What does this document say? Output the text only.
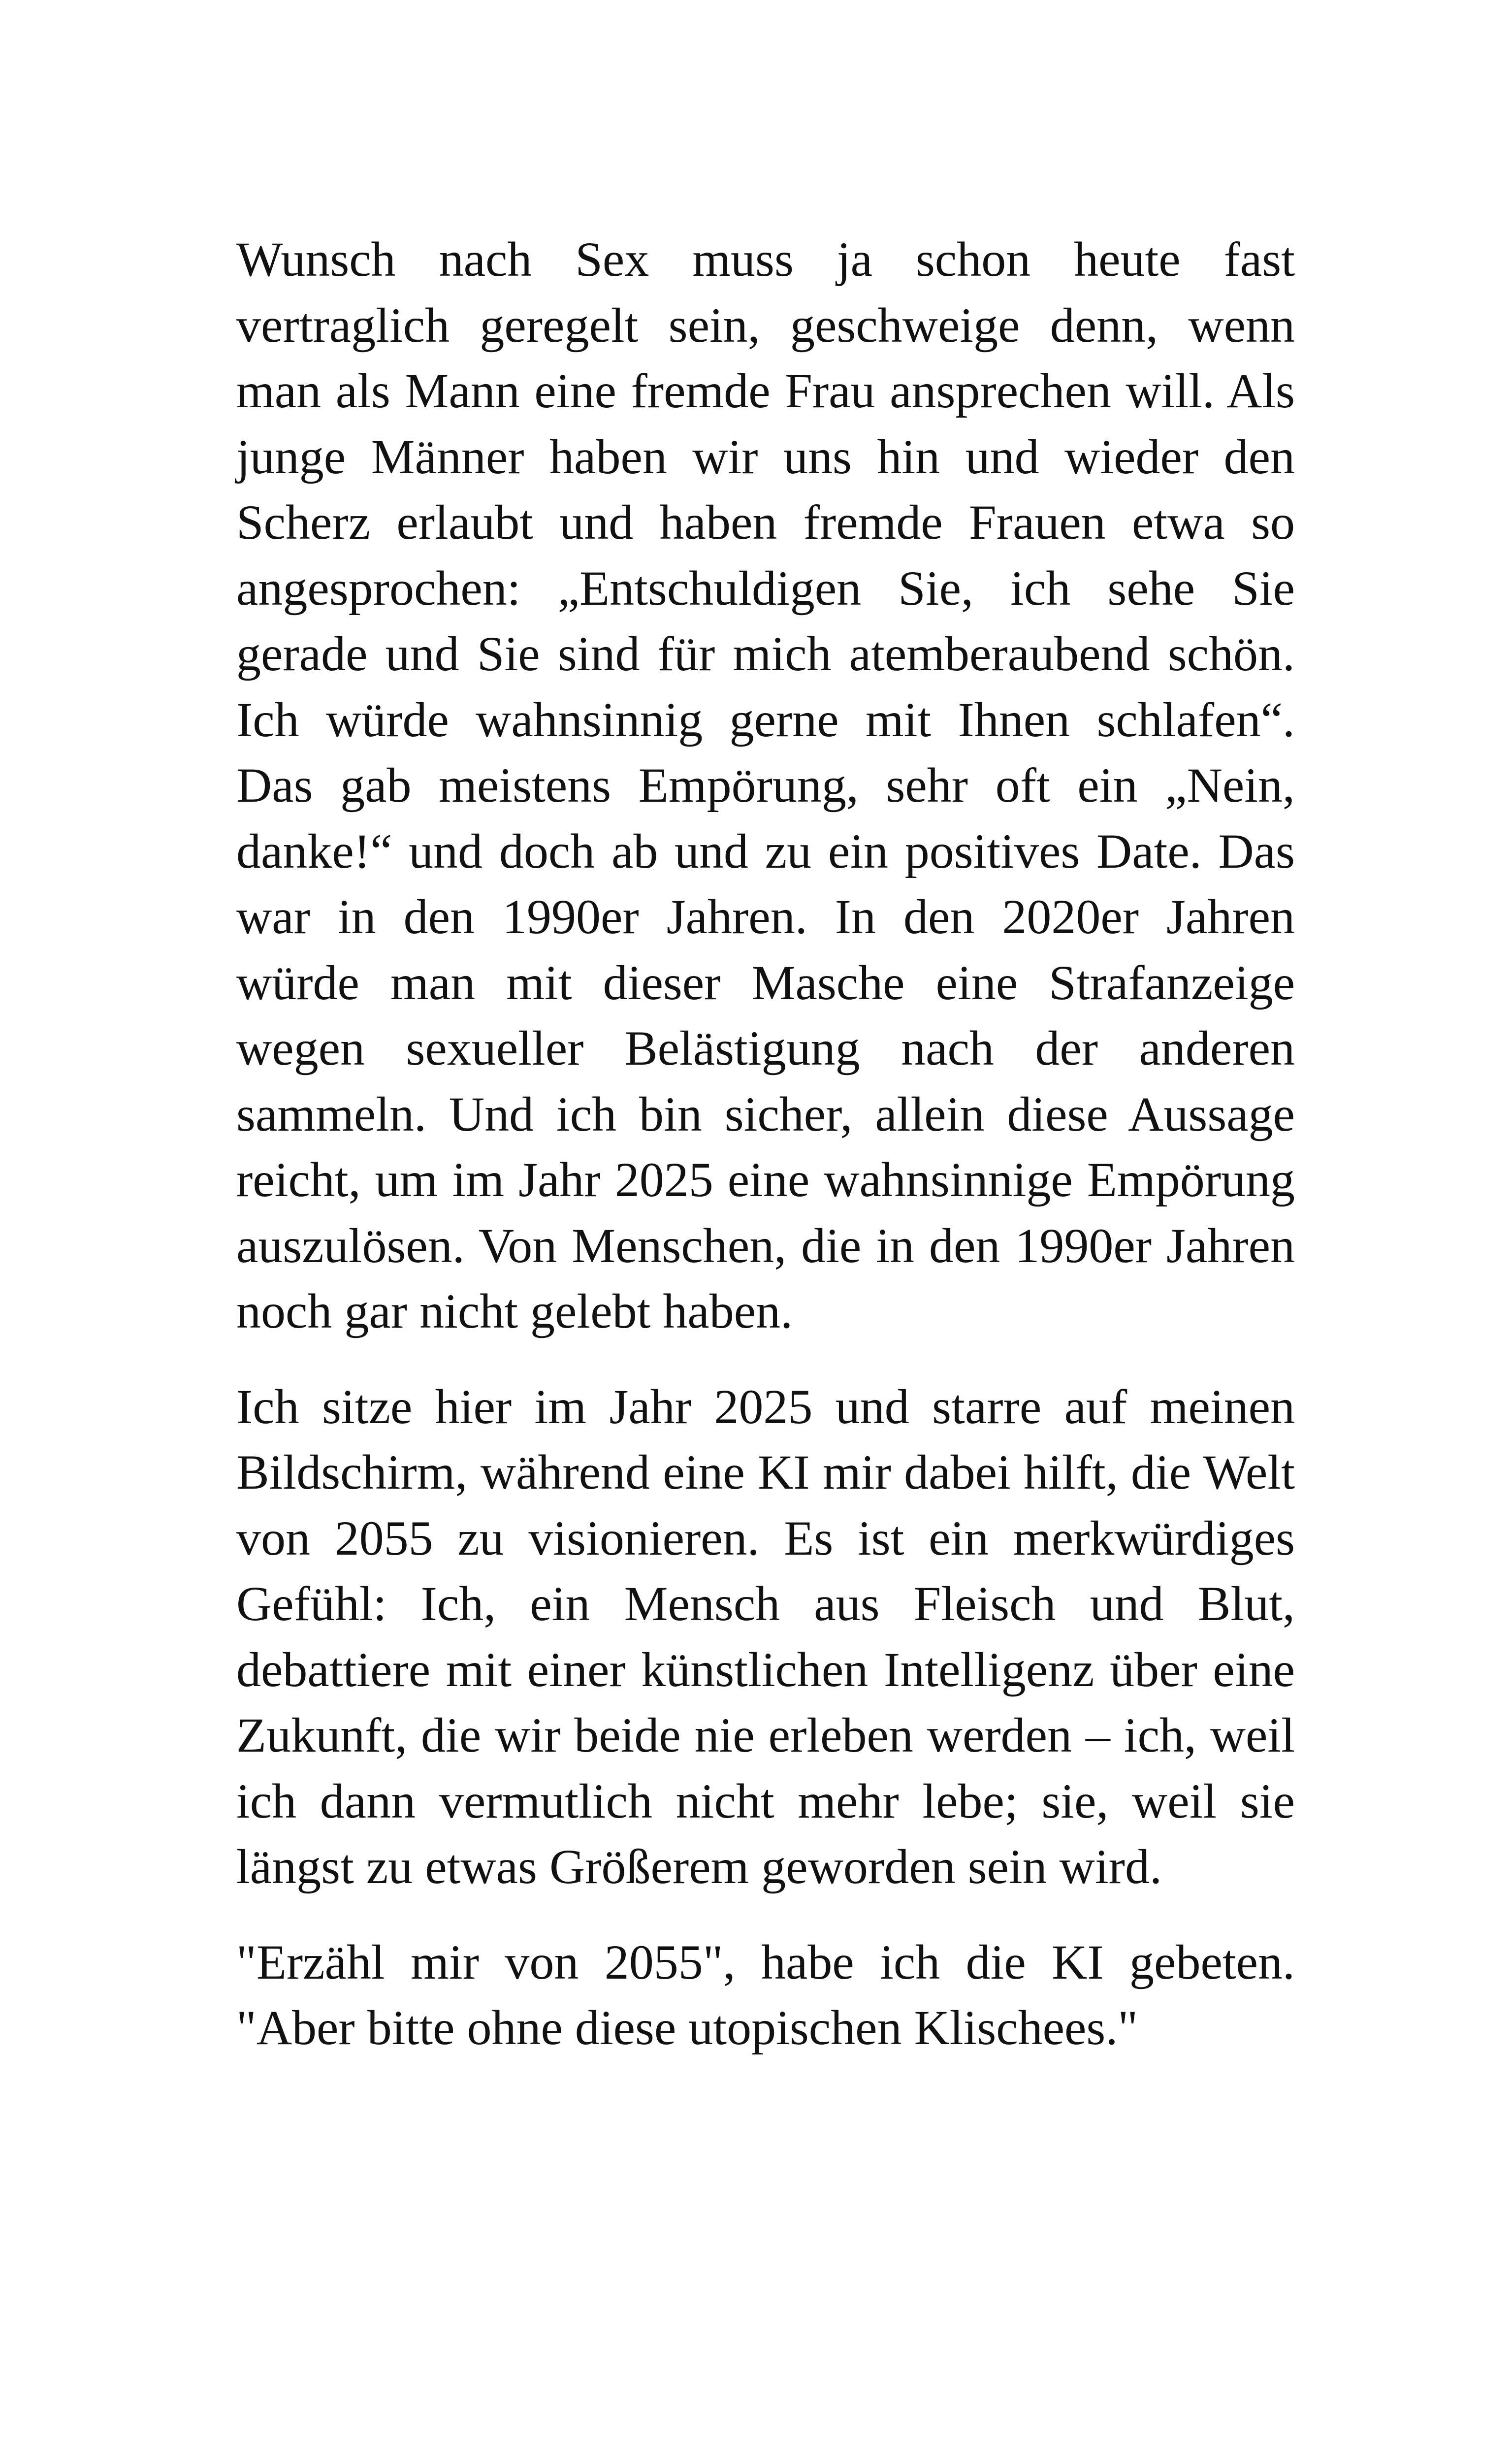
Wunsch nach Sex muss ja schon heute fast vertraglich geregelt sein, geschweige denn, wenn man als Mann eine fremde Frau ansprechen will. Als junge Männer haben wir uns hin und wieder den Scherz erlaubt und haben fremde Frauen etwa so angesprochen: „Entschuldigen Sie, ich sehe Sie gerade und Sie sind für mich atemberaubend schön. Ich würde wahnsinnig gerne mit Ihnen schlafen“. Das gab meistens Empörung, sehr oft ein „Nein, danke!“ und doch ab und zu ein positives Date. Das war in den 1990er Jahren. In den 2020er Jahren würde man mit dieser Masche eine Strafanzeige wegen sexueller Belästigung nach der anderen sammeln. Und ich bin sicher, allein diese Aussage reicht, um im Jahr 2025 eine wahnsinnige Empörung auszulösen. Von Menschen, die in den 1990er Jahren noch gar nicht gelebt haben.

Ich sitze hier im Jahr 2025 und starre auf meinen Bildschirm, während eine KI mir dabei hilft, die Welt von 2055 zu visionieren. Es ist ein merkwürdiges Gefühl: Ich, ein Mensch aus Fleisch und Blut, debattiere mit einer künstlichen Intelligenz über eine Zukunft, die wir beide nie erleben werden – ich, weil ich dann vermutlich nicht mehr lebe; sie, weil sie längst zu etwas Größerem geworden sein wird.

"Erzähl mir von 2055", habe ich die KI gebeten. "Aber bitte ohne diese utopischen Klischees."
